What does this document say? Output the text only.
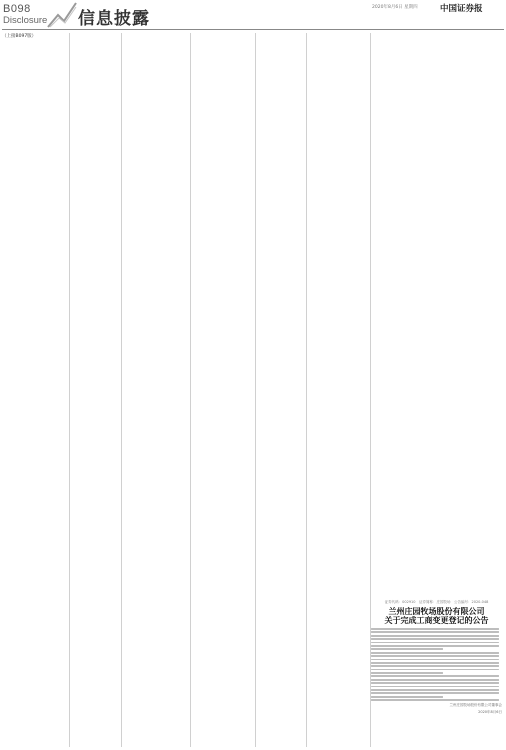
B098
Disclosure 信息披露
2020年8月6日 星期四	中国证券报
（上接B097版）
证券代码：002910　证券简称：庄园牧场　公告编号：2020-048
兰州庄园牧场股份有限公司
关于完成工商变更登记的公告
兰州庄园牧场股份有限公司董事会
2020年8月6日
